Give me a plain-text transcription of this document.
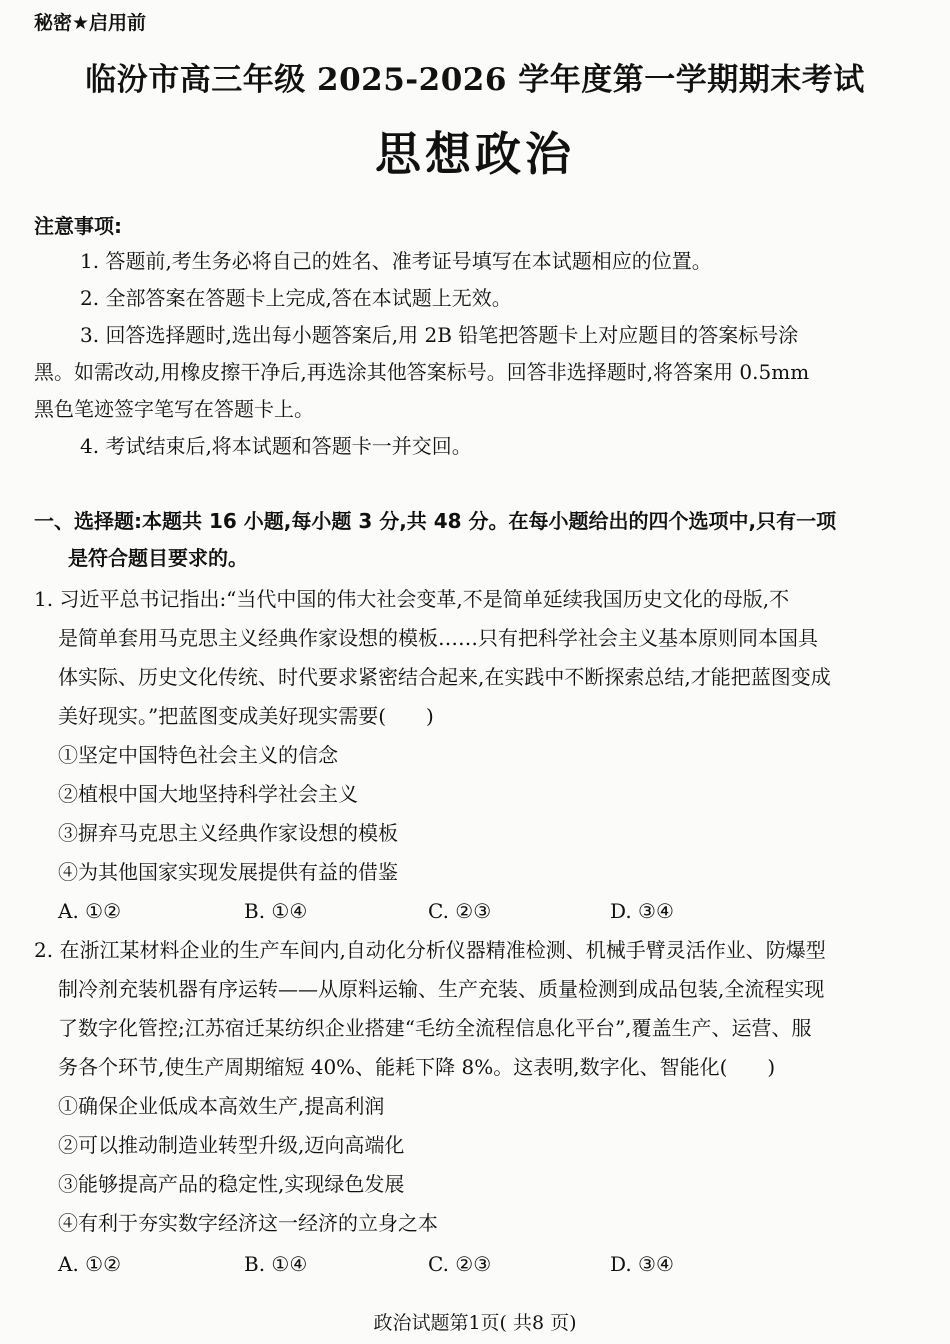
秘密★启用前
临汾市高三年级 2025-2026 学年度第一学期期末考试
思想政治
注意事项:
1. 答题前,考生务必将自己的姓名、准考证号填写在本试题相应的位置。
2. 全部答案在答题卡上完成,答在本试题上无效。
3. 回答选择题时,选出每小题答案后,用 2B 铅笔把答题卡上对应题目的答案标号涂
黑。如需改动,用橡皮擦干净后,再选涂其他答案标号。回答非选择题时,将答案用 0.5mm
黑色笔迹签字笔写在答题卡上。
4. 考试结束后,将本试题和答题卡一并交回。
一、选择题:本题共 16 小题,每小题 3 分,共 48 分。在每小题给出的四个选项中,只有一项
是符合题目要求的。
1. 习近平总书记指出:“当代中国的伟大社会变革,不是简单延续我国历史文化的母版,不
是简单套用马克思主义经典作家设想的模板……只有把科学社会主义基本原则同本国具
体实际、历史文化传统、时代要求紧密结合起来,在实践中不断探索总结,才能把蓝图变成
美好现实。”把蓝图变成美好现实需要(　　)
①坚定中国特色社会主义的信念
②植根中国大地坚持科学社会主义
③摒弃马克思主义经典作家设想的模板
④为其他国家实现发展提供有益的借鉴
A. ①②	B. ①④	C. ②③	D. ③④
2. 在浙江某材料企业的生产车间内,自动化分析仪器精准检测、机械手臂灵活作业、防爆型
制冷剂充装机器有序运转——从原料运输、生产充装、质量检测到成品包装,全流程实现
了数字化管控;江苏宿迁某纺织企业搭建“毛纺全流程信息化平台”,覆盖生产、运营、服
务各个环节,使生产周期缩短 40%、能耗下降 8%。这表明,数字化、智能化(　　)
①确保企业低成本高效生产,提高利润
②可以推动制造业转型升级,迈向高端化
③能够提高产品的稳定性,实现绿色发展
④有利于夯实数字经济这一经济的立身之本
A. ①②	B. ①④	C. ②③	D. ③④
政治试题第1页( 共8 页)
